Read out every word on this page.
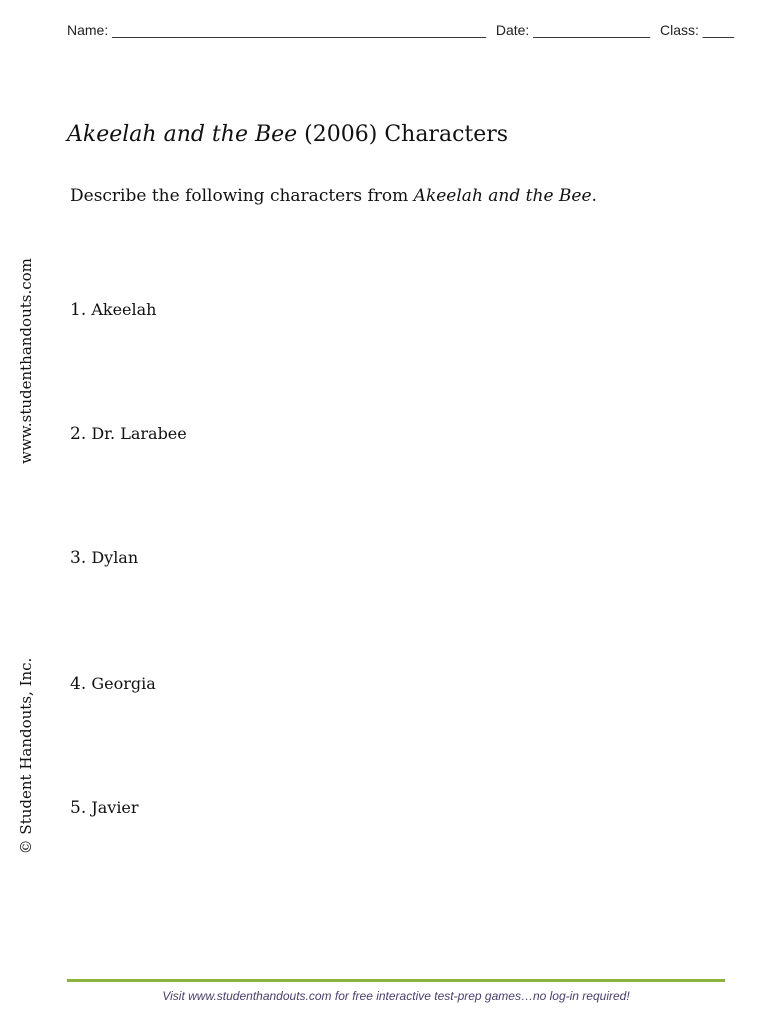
Name: ________________________________________________ Date: _______________ Class: ____
Akeelah and the Bee (2006) Characters
Describe the following characters from Akeelah and the Bee.
1. Akeelah
2. Dr. Larabee
3. Dylan
4. Georgia
5. Javier
www.studenthandouts.com
© Student Handouts, Inc.
Visit www.studenthandouts.com for free interactive test-prep games…no log-in required!
